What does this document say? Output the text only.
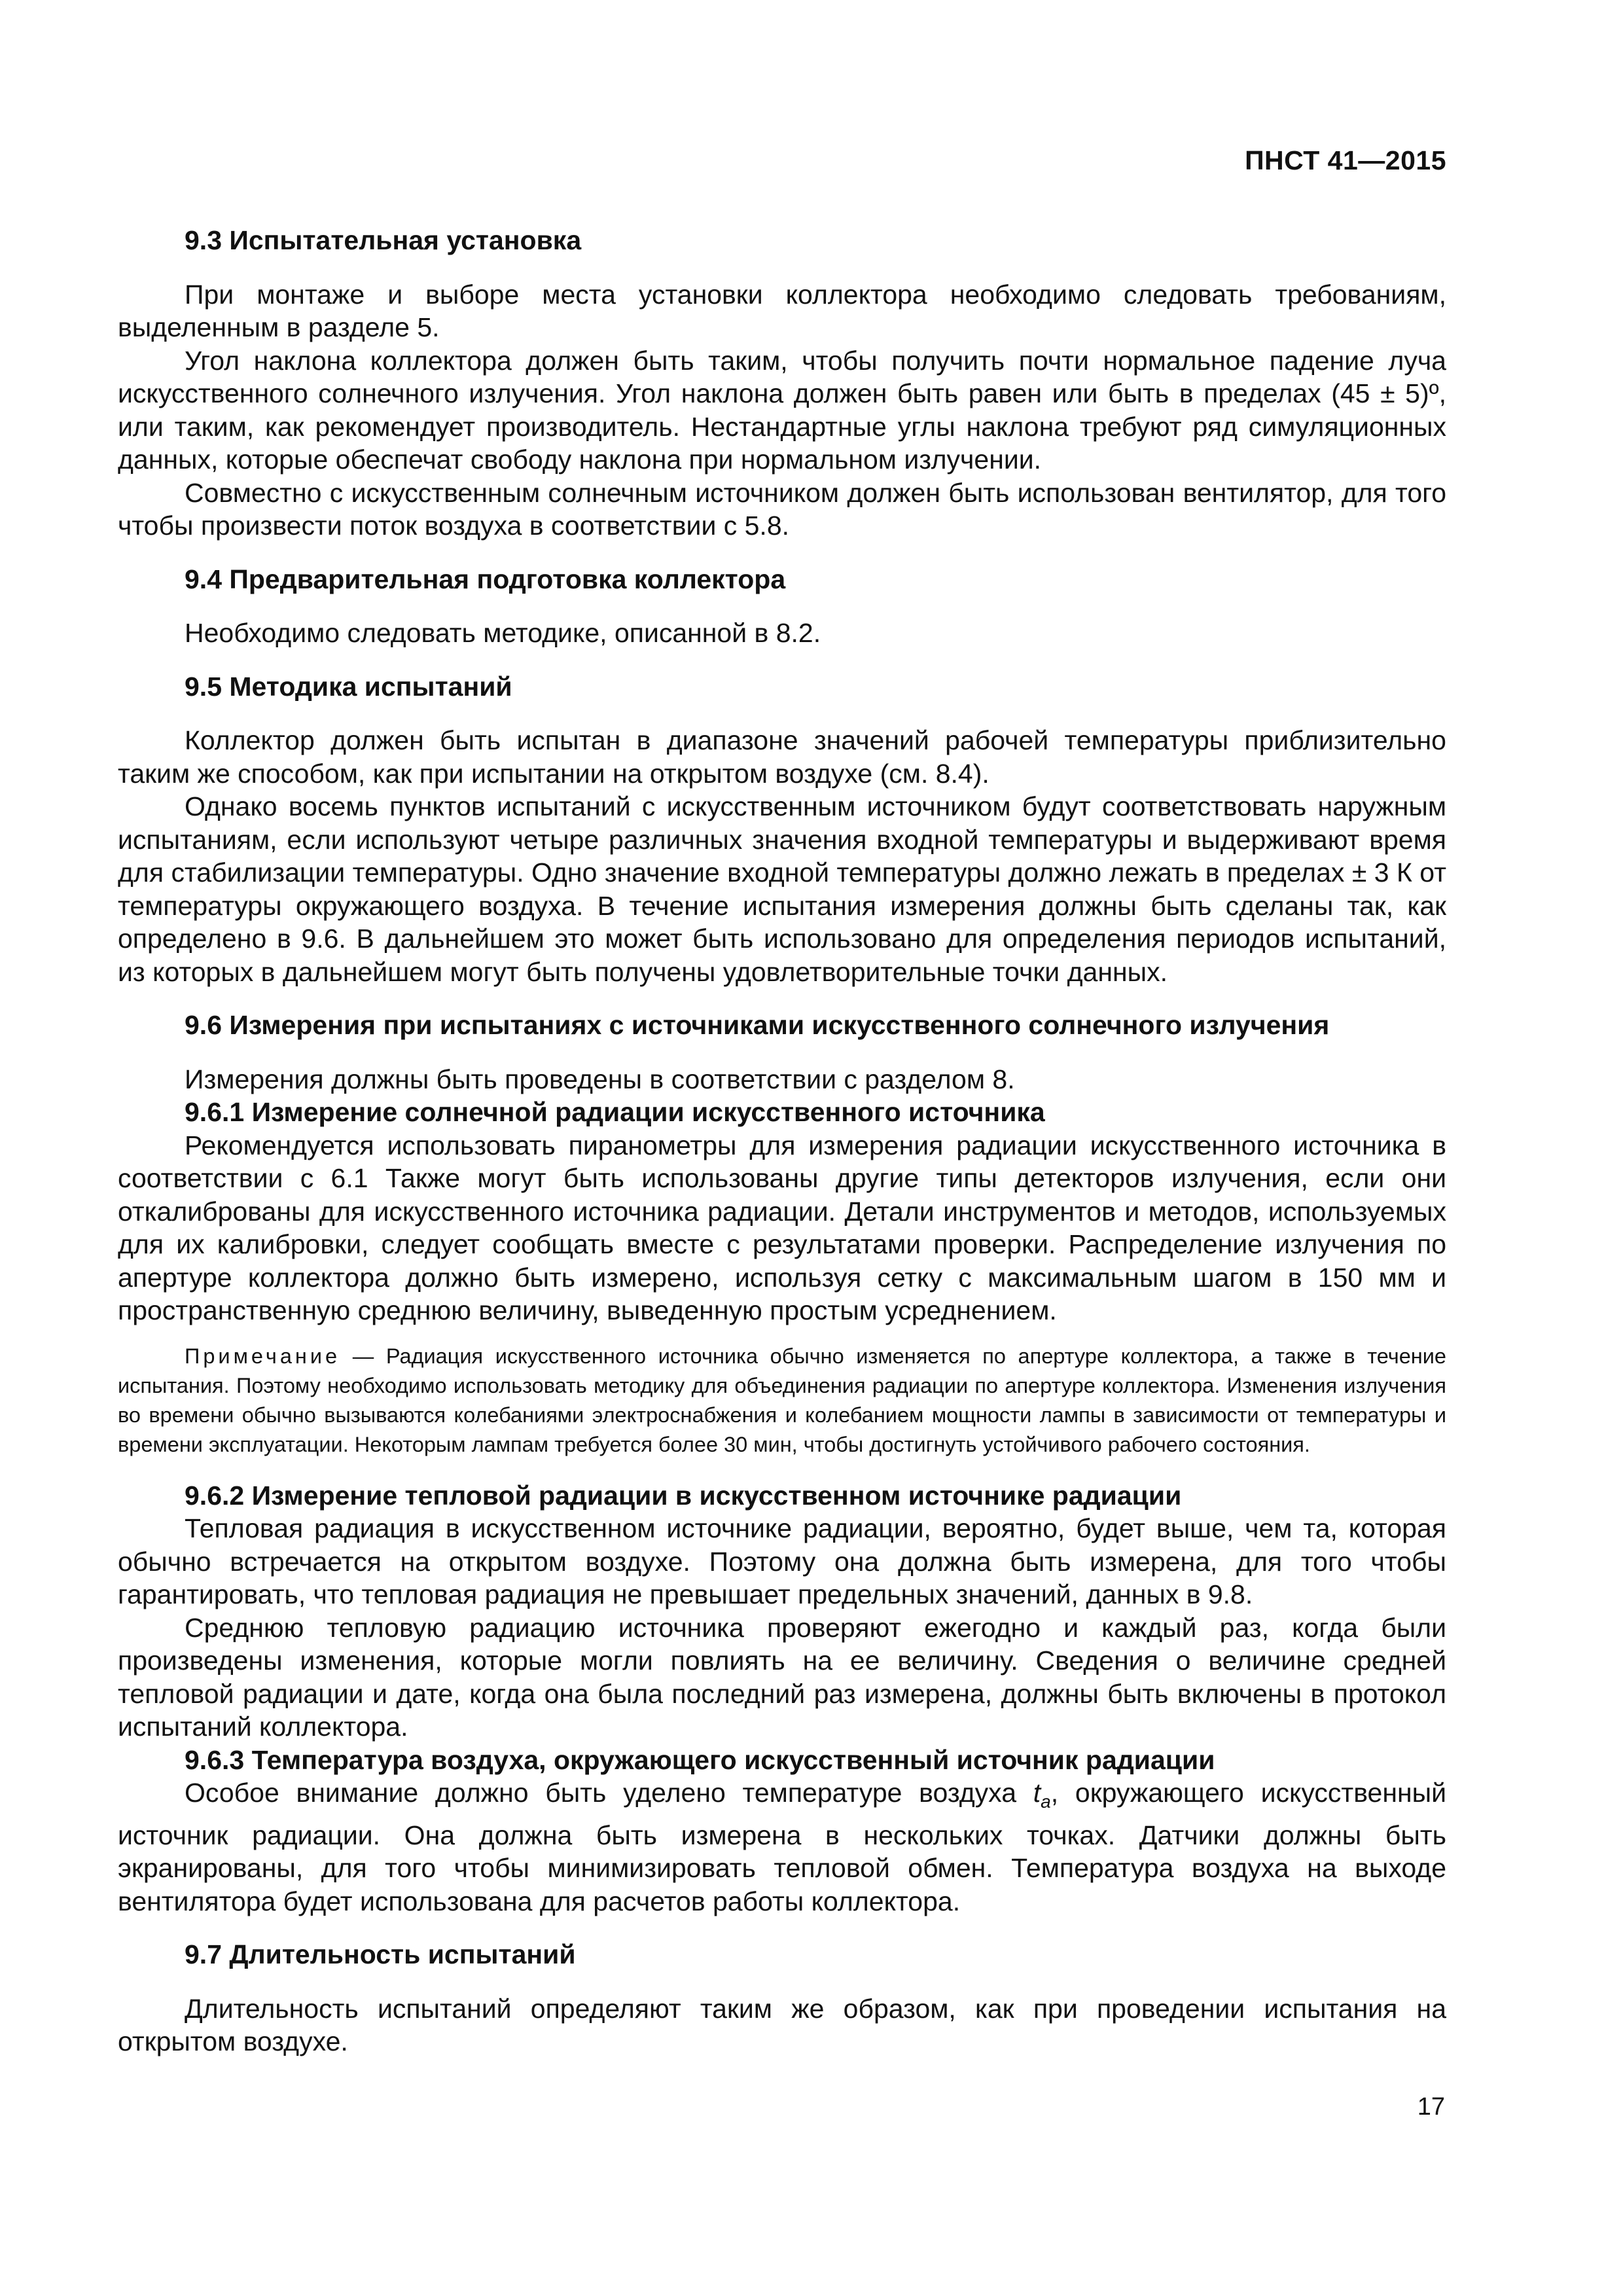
ПНСТ 41—2015
9.3 Испытательная установка

При монтаже и выборе места установки коллектора необходимо следовать требованиям, выделенным в разделе 5.

Угол наклона коллектора должен быть таким, чтобы получить почти нормальное падение луча искусственного солнечного излучения. Угол наклона должен быть равен или быть в пределах (45 ± 5)º, или таким, как рекомендует производитель. Нестандартные углы наклона требуют ряд симуляционных данных, которые обеспечат свободу наклона при нормальном излучении.

Совместно с искусственным солнечным источником должен быть использован вентилятор, для того чтобы произвести поток воздуха в соответствии с 5.8.

9.4 Предварительная подготовка коллектора

Необходимо следовать методике, описанной в 8.2.

9.5 Методика испытаний

Коллектор должен быть испытан в диапазоне значений рабочей температуры приблизительно таким же способом, как при испытании на открытом воздухе (см. 8.4).

Однако восемь пунктов испытаний с искусственным источником будут соответствовать наружным испытаниям, если используют четыре различных значения входной температуры и выдерживают время для стабилизации температуры. Одно значение входной температуры должно лежать в пределах ± 3 К от температуры окружающего воздуха. В течение испытания измерения должны быть сделаны так, как определено в 9.6. В дальнейшем это может быть использовано для определения периодов испытаний, из которых в дальнейшем могут быть получены удовлетворительные точки данных.

9.6 Измерения при испытаниях с источниками искусственного солнечного излучения

Измерения должны быть проведены в соответствии с разделом 8.

9.6.1 Измерение солнечной радиации искусственного источника

Рекомендуется использовать пиранометры для измерения радиации искусственного источника в соответствии с 6.1 Также могут быть использованы другие типы детекторов излучения, если они откалиброваны для искусственного источника радиации. Детали инструментов и методов, используемых для их калибровки, следует сообщать вместе с результатами проверки. Распределение излучения по апертуре коллектора должно быть измерено, используя сетку с максимальным шагом в 150 мм и пространственную среднюю величину, выведенную простым усреднением.

Примечание — Радиация искусственного источника обычно изменяется по апертуре коллектора, а также в течение испытания. Поэтому необходимо использовать методику для объединения радиации по апертуре коллектора. Изменения излучения во времени обычно вызываются колебаниями электроснабжения и колебанием мощности лампы в зависимости от температуры и времени эксплуатации. Некоторым лампам требуется более 30 мин, чтобы достигнуть устойчивого рабочего состояния.
9.6.2 Измерение тепловой радиации в искусственном источнике радиации

Тепловая радиация в искусственном источнике радиации, вероятно, будет выше, чем та, которая обычно встречается на открытом воздухе. Поэтому она должна быть измерена, для того чтобы гарантировать, что тепловая радиация не превышает предельных значений, данных в 9.8.

Среднюю тепловую радиацию источника проверяют ежегодно и каждый раз, когда были произведены изменения, которые могли повлиять на ее величину. Сведения о величине средней тепловой радиации и дате, когда она была последний раз измерена, должны быть включены в протокол испытаний коллектора.

9.6.3 Температура воздуха, окружающего искусственный источник радиации

Особое внимание должно быть уделено температуре воздуха $t_a$, окружающего искусственный источник радиации. Она должна быть измерена в нескольких точках. Датчики должны быть экранированы, для того чтобы минимизировать тепловой обмен. Температура воздуха на выходе вентилятора будет использована для расчетов работы коллектора.

9.7 Длительность испытаний

Длительность испытаний определяют таким же образом, как при проведении испытания на открытом воздухе.

17
